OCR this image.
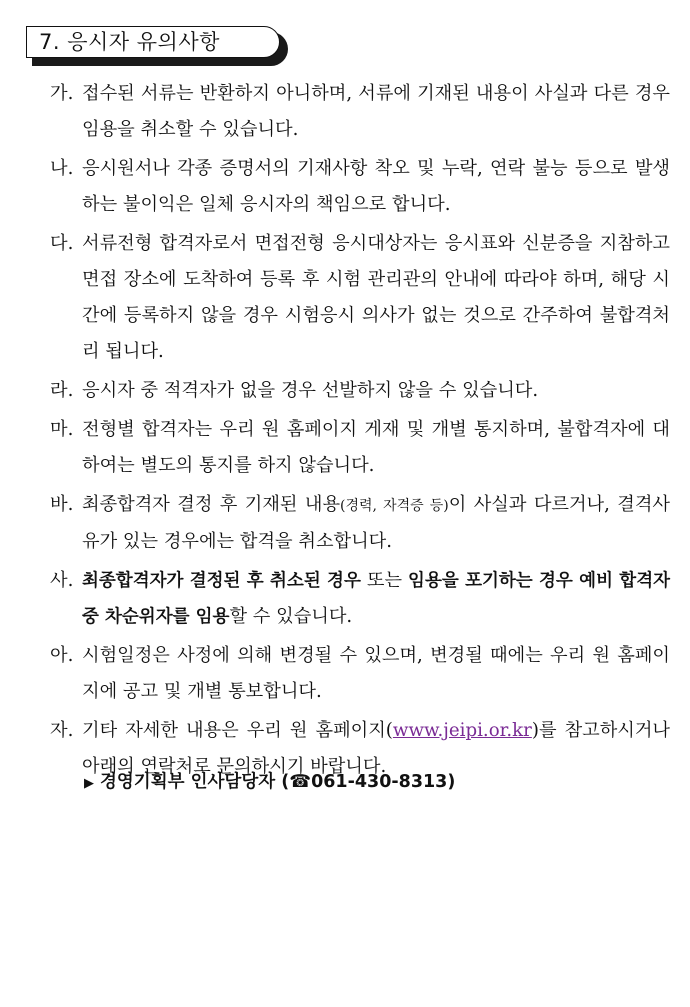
7. 응시자 유의사항
가. 접수된 서류는 반환하지 아니하며, 서류에 기재된 내용이 사실과 다른 경우 임용을 취소할 수 있습니다.
나. 응시원서나 각종 증명서의 기재사항 착오 및 누락, 연락 불능 등으로 발생하는 불이익은 일체 응시자의 책임으로 합니다.
다. 서류전형 합격자로서 면접전형 응시대상자는 응시표와 신분증을 지참하고 면접 장소에 도착하여 등록 후 시험 관리관의 안내에 따라야 하며, 해당 시간에 등록하지 않을 경우 시험응시 의사가 없는 것으로 간주하여 불합격처리 됩니다.
라. 응시자 중 적격자가 없을 경우 선발하지 않을 수 있습니다.
마. 전형별 합격자는 우리 원 홈페이지 게재 및 개별 통지하며, 불합격자에 대하여는 별도의 통지를 하지 않습니다.
바. 최종합격자 결정 후 기재된 내용(경력, 자격증 등)이 사실과 다르거나, 결격사유가 있는 경우에는 합격을 취소합니다.
사. 최종합격자가 결정된 후 취소된 경우 또는 임용을 포기하는 경우 예비 합격자중 차순위자를 임용할 수 있습니다.
아. 시험일정은 사정에 의해 변경될 수 있으며, 변경될 때에는 우리 원 홈페이지에 공고 및 개별 통보합니다.
자. 기타 자세한 내용은 우리 원 홈페이지(www.jeipi.or.kr)를 참고하시거나 아래의 연락처로 문의하시기 바랍니다.
▶ 경영기획부 인사담당자 (☎061-430-8313)
